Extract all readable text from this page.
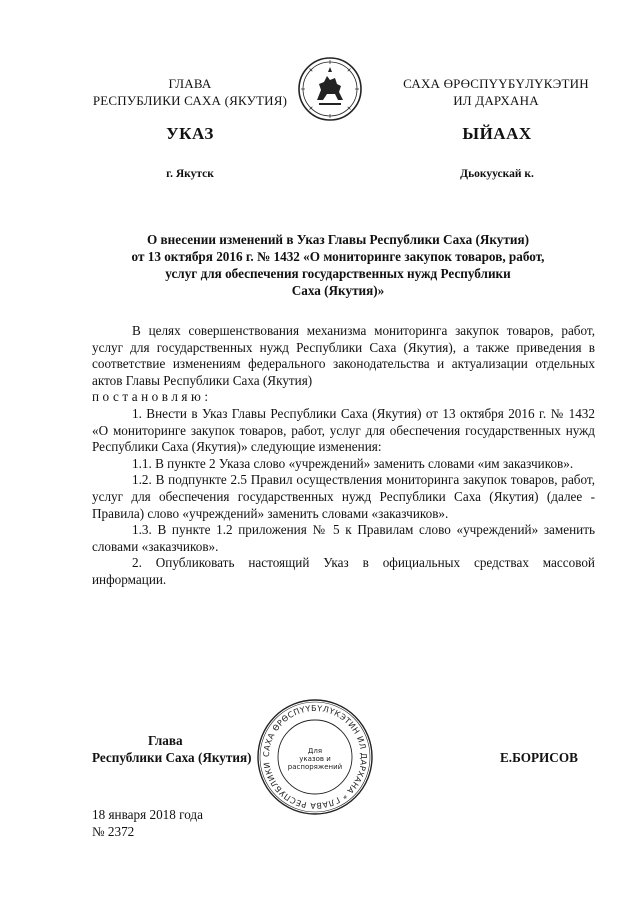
ГЛАВА
РЕСПУБЛИКИ САХА (ЯКУТИЯ)
САХА ӨРӨСПҮҮБҮЛҮКЭТИН
ИЛ ДАРХАНА
УКАЗ	ЫЙААХ
г. Якутск	Дьокуускай к.
О внесении изменений в Указ Главы Республики Саха (Якутия)
от 13 октября 2016 г. № 1432 «О мониторинге закупок товаров, работ,
услуг для обеспечения государственных нужд Республики
Саха (Якутия)»

В целях совершенствования механизма мониторинга закупок товаров, работ, услуг для государственных нужд Республики Саха (Якутия), а также приведения в соответствие изменениям федерального законодательства и актуализации отдельных актов Главы Республики Саха (Якутия)

постановляю:

1. Внести в Указ Главы Республики Саха (Якутия) от 13 октября 2016 г. № 1432 «О мониторинге закупок товаров, работ, услуг для обеспечения государственных нужд Республики Саха (Якутия)» следующие изменения:

1.1. В пункте 2 Указа слово «учреждений» заменить словами «им заказчиков».

1.2. В подпункте 2.5 Правил осуществления мониторинга закупок товаров, работ, услуг для обеспечения государственных нужд Республики Саха (Якутия) (далее - Правила) слово «учреждений» заменить словами «заказчиков».

1.3. В пункте 1.2 приложения № 5 к Правилам слово «учреждений» заменить словами «заказчиков».

2. Опубликовать настоящий Указ в официальных средствах массовой информации.

Глава
Республики Саха (Якутия)	Е.БОРИСОВ
САХА ӨРӨСПҮҮБҮЛҮКЭТИН ИЛ ДАРХАНА * ГЛАВА РЕСПУБЛИКИ
Для
указов и
распоряжений
18 января 2018 года
№ 2372
